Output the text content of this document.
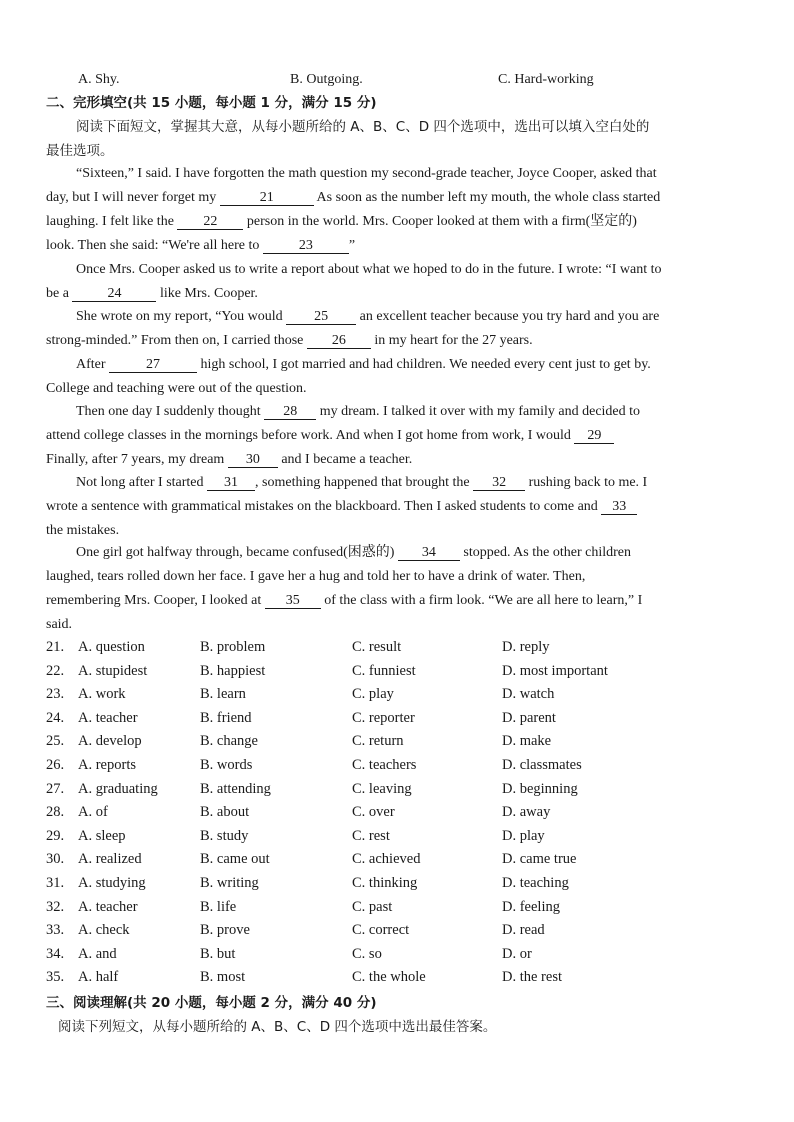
A. Shy.	B. Outgoing.	C. Hard-working
二、完形填空(共 15 小题，每小题 1 分，满分 15 分)
阅读下面短文，掌握其大意，从每小题所给的 A、B、C、D 四个选项中，选出可以填入空白处的
最佳选项。
“Sixteen,” I said. I have forgotten the math question my second-grade teacher, Joyce Cooper, asked that
day, but I will never forget my	21	As soon as the number left my mouth, the whole class started
laughing. I felt like the 22 person in the world. Mrs. Cooper looked at them with a firm(坚定的)
look. Then she said: “We're all here to	23	”
Once Mrs. Cooper asked us to write a report about what we hoped to do in the future. I wrote: “I want to
be a	24	like Mrs. Cooper.
She wrote on my report, “You would 25 an excellent teacher because you try hard and you are
strong-minded.” From then on, I carried those 26 in my heart for the 27 years.
After	27	high school, I got married and had children. We needed every cent just to get by.
College and teaching were out of the question.
Then one day I suddenly thought 28 my dream. I talked it over with my family and decided to
attend college classes in the mornings before work. And when I got home from work, I would 29
Finally, after 7 years, my dream 30 and I became a teacher.
Not long after I started 31 , something happened that brought the 32 rushing back to me. I
wrote a sentence with grammatical mistakes on the blackboard. Then I asked students to come and 33
the mistakes.
One girl got halfway through, became confused(困惑的) 34 stopped. As the other children
laughed, tears rolled down her face. I gave her a hug and told her to have a drink of water. Then,
remembering Mrs. Cooper, I looked at 35 of the class with a firm look. “We are all here to learn,” I
said.
21. A. question	B. problem	C. result	D. reply
22. A. stupidest	B. happiest	C. funniest	D. most important
23. A. work	B. learn	C. play	D. watch
24. A. teacher	B. friend	C. reporter	D. parent
25. A. develop	B. change	C. return	D. make
26. A. reports	B. words	C. teachers	D. classmates
27. A. graduating	B. attending	C. leaving	D. beginning
28. A. of	B. about	C. over	D. away
29. A. sleep	B. study	C. rest	D. play
30. A. realized	B. came out	C. achieved	D. came true
31. A. studying	B. writing	C. thinking	D. teaching
32. A. teacher	B. life	C. past	D. feeling
33. A. check	B. prove	C. correct	D. read
34. A. and	B. but	C. so	D. or
35. A. half	B. most	C. the whole	D. the rest
三、阅读理解(共 20 小题，每小题 2 分，满分 40 分)
阅读下列短文，从每小题所给的 A、B、C、D 四个选项中选出最佳答案。
